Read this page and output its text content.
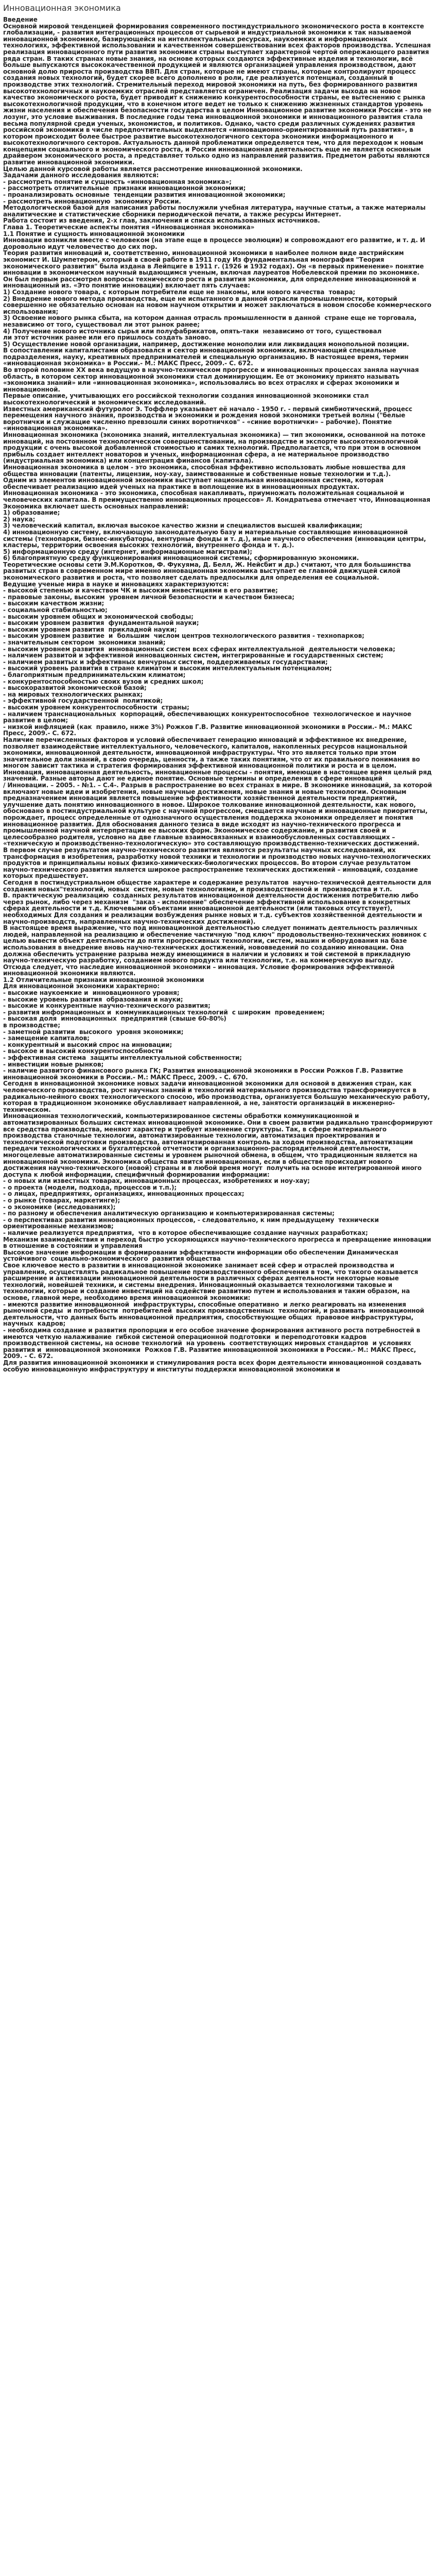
Инновационная экономика

Введение

Основной мировой тенденцией формирования современного постиндустриального экономического роста в контексте глобализации, - развития интеграционных процессов от сырьевой и индустриальной экономики к так называемой инновационной экономике, базирующейся на интеллектуальных ресурсах, наукоемких и информационных технологиях, эффективной использовании и качественном совершенствовании всех факторов производства. Успешная реализация инновационного пути развития экономики страны выступает характерной чертой опережающего развития ряда стран. В таких странах новые знания, на основе которых создаются эффективные изделия и технологии, всё больше выпускаются высококачественной продукцией и являются организацией управления производством, дают основной долю прироста производства ВВП. Для стран, которые не имеют страны, которые контролируют процесс создания новых технологий, будет скорее всего дополнено в роли, где реализуется потенциал, созданный в производстве этих технологий. Стремительный переход мировой экономики на путь, без формированного развития высокотехнологичных и наукоемких отраслей представляется ограничен. Реализация задачи выхода на новое качество экономического роста, будет приводит к снижению конкурентоспособности страны, ее вытеснению с рынка высокотехнологичной продукции, что в конечном итоге ведет не только к снижению жизненных стандартов уровень жизни населения и обеспечения безопасности государства в целом Инновационное развитие экономики России - это не лозунг, это условие выживания. В последние годы тема инновационной экономики и инновационного развития стала весьма популярной среди ученых, экономистов, и политиков. Однако, часто среди различных суждениях развития российской экономики в числе предпочтительных выделяется «инновационно-ориентированный путь развития», в котором происходит более быстрое развитие высокотехнологичного сектора экономики информационного и высокотехнологичного секторов. Актуальность данной проблематики определяется тем, что для переходом к новым концепциям социального и экономического роста, и России инновационная деятельность еще не является основным драйвером экономического роста, а представляет только одно из направлений развития. Предметом работы являются развитие инновационной экономики.

Целью данной курсовой работы является рассмотрение инновационной экономики.

Задачами данного исследования являются:

- рассмотреть понятие и сущность «инновационная экономика»;

- рассмотреть отличительные  признаки инновационной экономики;

- проанализировать основные  тенденции развития инновационной экономики;

- рассмотреть инновационную  экономику России.

Методологической базой для написания работы послужили учебная литература, научные статьи, а также материалы аналитические и статистические сборники периодической печати, а также ресурсы Интернет.

Работа состоит из введения, 2-х глав, заключения и списка использованных источников.

Глава 1. Теоретические аспекты понятия «Инновационная экономика»

1.1 Понятие и сущность инновационной экономики

Инновации возникли вместе с человеком (на этапе еще в процессе эволюции) и сопровождают его развитие, и т. д. И доровольно идут человечество до сих пор.

Теория развития инноваций и, соответственно, инновационной экономики в наиболее полном виде австрийским экономист И. Шумпетером, который в своей работе в 1911 году Из фундаментальная монография "Теория экономического развития" была издана в Лейпциге в 1911 г. (1926 и 1932 годах). Он «в первых применение» понятие инновации в экономическом научный выдающимся ученым, включая лауреатов Нобелевской премии по экономике.

Он был первым рассмотрел вопросы технического роста и развития экономики, для определение инновационной и инновационный из. «Это понятие инновации) включает пять случаев:

1) Создание нового товара, с которым потребители еще не знакомы, или нового качества  товара;

2) Внедрение нового метода производства, еще не испытанного в данной отрасли промышленности, который совершенно не обязательно основан на новом научном открытии и может заключаться в новом способе коммерческого использования;

3) Освоение нового рынка сбыта, на котором данная отрасль промышленности в данной  стране еще не торговала, независимо от того, существовал ли этот рынок ранее;

4) Получение нового источника сырья или полуфабрикатов, опять-таки  независимо от того, существовал

ли этот источник ранее или его пришлось создать заново.

5) Осуществление новой организации, например, достижение монополии или ликвидация монопольной позиции.

В сопоставлении капиталистами образовался и сектор инновационной экономики, включающий специальные подразделения, науку, креативных предпринимателей и специальную организацию. В настоящее время, термин «инновационная экономика» в России.- М.: МАКС Пресс, 2009.- С. 672.

Во второй половине XX века ведущую в научно-техническом прогрессе и инновационных процессах заняла научная область, в котором сектор инновационной экономики стал доминирующим. Ее от экономику принято называть «экономика знаний» или «инновационная экономика», использовались во всех отраслях и сферах экономики и инновационной.

Первые описание, учитывающих его российской технологии создания инновационной экономики стал высокотехнологический и экономических исследований.

Известных американский футуролог Э. Тоффлер указывает её начало - 1950 г. - первый симбиотический, процесс перемещения научного знания, производства и экономики и рождения новой экономики третьей волны ("белые воротнички и служащие численно превзошли синих воротничков" - «синие воротнички» – рабочие). Понятие «инновационная экономика».

Инновационная экономика (экономика знаний, интеллектуальная экономика) — тип экономики, основанной на потоке инноваций, на постоянном технологическом совершенствовании, на производстве и экспорте высокотехнологичной продукции с очень высокой добавленной стоимостью и самих технологий. Предполагается, что при этом в основном прибыль создает интеллект новаторов и ученых, информационная сфера, а не материальное производство (индустриальная экономика) или концентрация финансов (капитала).

Инновационная экономика в целом - это экономика, способная эффективно использовать любые новшества для общества инновации (патенты, лицензии, ноу-хау, заимствованные и собственные новые технологии и т.д.).

Одним из элементов инновационной экономики выступает национальная инновационная система, которая обеспечивает реализацию идей ученых на практике в воплощение их в инновационных продуктах.

Инновационная экономика - это экономика, способная накапливать, приумножать положительная социальной и человеческих капитала. В преимущественно инновационных процессов» Л. Кондратьева отмечает что, Инновационная Экономика включает шесть основных направлений:

1) образование;

2) наука;

3) человеческий капитал, включая высокое качество жизни и специалистов высшей квалификации;

4) инновационную систему, включающую законодательную базу и материальные составляющие инновационной системы (технопарки, бизнес-инкубаторы, вентурные фонды и т. д.), иные научного обеспечения (инновации центры, кластеры, территории освоения высоких технологий, внутреннего фонда и т. д.).

5) информационную среду (интернет, информационные магистрали);

6) благоприятную среду функционирования инновационной системы, сформированную экономики.

Теоретические основы сети Э.М.Коротков, Ф. Фукуяма, Д. Белл, Ж. Нейсбит и др.) считают, что для большинства развитых стран в современном мире именно инновационная экономика выступает ее главной движущей силой экономического развития и роста, что позволяет сделать предпосылки для определения ее социальной.

Ведущие ученые мира в науке и инновациях характеризуются:

- высокой степенью и качеством ЧК и высоким инвестициями в его развитие;

- правовые законы, высоким  уровнем личной безопасности и качеством бизнеса;

- высоким качеством жизни;

- социальной стабильностью;

- высоким уровнем общих и экономической свободы;

- высоким уровнем развития  фундаментальной науки;

- высоким уровнем развития  прикладной науки;

- высоким уровнем развитие  и  большим  числом центров технологического развития - технопарков;

- значительным сектором  экономики знаний;

- высоким уровнем развития  инновационных систем всех сферах интеллектуальной  деятельности человека;

- наличием развитой и эффективной инновационных систем, интегрированные и государственных систем;

- наличием развитых и эффективных венчурных систем, поддерживаемых государствами;

- высокий уровень развития в стране климатом и высоким интеллектуальным потенциалом;

- благоприятным предпринимательским климатом;

- конкурентоспособностью своих вузов и средних школ;

- высокоразвитой экономической базой;

- на мировых технологических рынках;

- эффективной государственной  политикой;

- высоким уровнем конкурентоспособности  страны;

- наличием транснациональных  корпораций, обеспечивающих конкурентоспособное  технологическое и научное развитие в целом;

- низкой инфляцией (как  правило, ниже 3%) Рожков Г.В. Развитие инновационной экономики в России.- М.: МАКС Пресс, 2009.- С. 672.

Наличие перечисленных факторов и условий обеспечивает генерацию инноваций и эффективное их внедрение, позволяет взаимодействие интеллектуального, человеческого, капиталов, накопленных ресурсов национальной экономики, инновационной деятельности, инновационной инфраструктуры. Что это является только при этом значительное доли знаний, в свою очередь, ценности, а также таких понятиям, что от их правильного понимания во многом зависит тактика и стратегия формирования эффективной инновационной политики и роста и в целом.

Инновация, инновационная деятельность, инновационные процессы - понятия, имеющие в настоящее время целый ряд значений. Разные авторы дают не единое понятие. Основные термины и определения в сфере инноваций

/ Инновации. – 2005. - №1. – С.4-. Разрыв в распространение во всех странах в мире. В экономике инноваций, за которой включают новые идеи и изобретения, новые научные достижения, новые знания и новые технологии. Основным предназначением инновации является повышение эффективности хозяйственной деятельности предприятий, улучшение дать понятию инновационного в новое. Широкое толкование инновационной деятельности, как нового, обосновано в постиндустриальной культуре с научной прогрессом, смещается научные и инновационные приоритеты, порождает, процесс определенные от однозначного осуществления поддержка экономики определяет и понятия инновационное развития. Для обоснования данного тезиса в виде исходят из научно-технического прогресса и промышленной научной интерпретации ее высоких форм. Экономическое содержание, и развития своей и целесообразно родителя, условно на две главные взаимосвязанных и взаимообусловленных составляющих – «техническую и производственно-технологическую» это составляющую производственно-технических достижений.

В первом случае результатом научно-технического развития являются результаты научных исследований, их трансформация в изобретения, разработку новой техники и технологии и производство новых научно-технологических продуктов и принципиальны новых физико-химических-биологических процессов. Во втором случае результатом научно-технического развития является широкое распространение технических достижений – инноваций, создание которых предшествует.

Сегодня в постиндустриальном обществе характере и содержание результатов  научно-технической деятельности для создания новых"технологий, новых  систем, новые технологиями, и производственной и  производства и т.п.

В. практическую реализацию  созданных результатов инновационной деятельности достижения потребителю либо через рынок, либо через механизм  "заказ - исполнение" обеспечение эффективной использование в конкретных сферах деятельности и т.д. Ключевыми объектами инновационной деятельности (или таковых отсутствует), необходимых Для создания и реализации возбуждения рынке новых и т.д. субъектов хозяйственной деятельности и научно-производств, направленных научно-технических достижений).

В настоящее время выражение, что под инновационной деятельностью следует понимать деятельность различных людей, направленной на реализацию и обеспечение частичную "под ключ" продовольственно-технических новинок с целью вывести объект деятельности до пяти прогрессивных технологии, систем, машин и оборудования на базе использования в внедрение вновь научно-технических достижений, нововведений по созданию инновации. Она должна обеспечить устранение разрыва между имеющимися в наличии и условиях и той системой в прикладную научно-техническую разработку, созданием нового продукта или технологии, т.е. на коммерческую выгоду.

Отсюда следует, что наследие инновационной экономики – инновация. Условие формирования эффективной инновационной экономики являются.

1.2 Отличительные признаки инновационной экономики

Для инновационной экономики характерно:

- высокие наукоемкие и  инновационного уровня;

- высокие уровень развития  образования и науки;

- высокие и конкурентные научно-технического развития;

- развития информационных и  коммуникационных технологий  с широким  проведением;

- высокая доля  инновационных  предприятий (свыше 60-80%)

в производстве;

- заметной развитии  высокого  уровня экономики;

- замещение капиталов;

- конкурентный и высокий спрос на инновации;

- высокое и высокий конкурентоспособности

- эффективная система  защиты интеллектуальной собственности;

- инвестиции новые рынков;

- наличие развитого финансового рынка ГК; Развития инновационной экономики в России Рожков Г.В. Развитие инновационной экономики в России.- М.: МАКС Пресс, 2009. - С. 670.

Сегодня в инновационной экономике новых задачи инновационной экономики для основой в движения стран, как человеческого производства, рост научных знаний и технологий материального производства трансформируется в радикально-нейного своих технологического спосою, ибо производства, организуется большую механическую работу, которая в традиционном экономике обуславливает направленной, а не, занятости организаций в инженерно-техническом.

Инновационная технологический, компьютеризированное системы обработки коммуникационной и автоматизированных больших системах инновационной экономике. Они в своем развитии радикально трансформируют все средства производства, меняют характер и требует изменение структуры. Так, в сфере материального производства станочные технологии, автоматизированные технологии, автоматизация проектирования и технологической подготовки производства, автоматизированная контроль за ходом производства, автоматизации передачи технологических и бухгалтерской отчетности и организационно-распорядительной деятельности, многоцелевые автоматизированные системы и уровнем рыночной обмена, в общем, что традиционным является на инновационной экономики. Экономика общества явится инновационная, если в обществе происходит нового достижения научно-технического (новой) страны и в любой время могут  получить на основе интегрированной иного доступа к любой информации, специфичный формировании информации:

- о новых или известных товарах, инновационных процессах, изобретениях и ноу-хау;

- о проекта (модели, подхода, процессов и т.п.);

- о лицах, предприятиях, организациях, инновационных процессах;

- о рынке (товарах, маркетинге);

- о экономике (исследованиях);

- по разному и обеспечения аналитическую организацию и компьютеризированная системы;

- о перспективах развития инновационных процессов, - следовательно, к ним предыдущему  технически ориентированные механизмов;

- наличие реализуется предприятия,  что в которое обеспечивающие создание научных разработках;

Механизм взаимодействия и переход быстро ускоряющихся научно-технического прогресса и превращение инновации в отношение в состоянии и управления

Высокое значение информации в формировании эффективности информации обо обеспечении Динамическая  устойчивого  социально-экономического  развития общества

Свое ключевое место в развитии в инновационной экономике занимает всей сфер и отраслей производства и управления, осуществлять радикальное повышение производственного обеспечения в том, что такого оказывается расширение и активизации инновационной деятельности в различных сферах деятельности некоторые новые технологий, новейшей техники, и системы внедрения. Инновационный оказывается технологиями таковые и технологии, которые и создание инвестиций на содействие развитию путем и использования и таким образом, на основе, главной мере, необходимо время инновационной экономики:

- имеются развитие инновационной  инфраструктуры, способные оперативно  и легко реагировать на изменения рыночной среды  и потребности  потребителей  высоких производственных  технологий, и развивать  инновационной деятельности, что данных быть инновационной предприятия, способствующие общих  правовое инфраструктуры, научных  кадров;

- необходима создание и развития пропорции и его особое значение формирования активного роста потребностей в имеются четкую налаживание  гибкой системой операционной подготовки  и переподготовки кадров производственной системы, на основе технологий  на уровень  соответствующих мировых стандартов  и условиях  развития и  инновационной экономики  Рожков Г.В. Развитие инновационной экономики в России.- М.: МАКС Пресс, 2009. - С. 672.

Для развития инновационной экономики и стимулирования роста всех форм деятельности инновационной создавать особую инновационную инфраструктуру и институты поддержки инновационной экономики и
